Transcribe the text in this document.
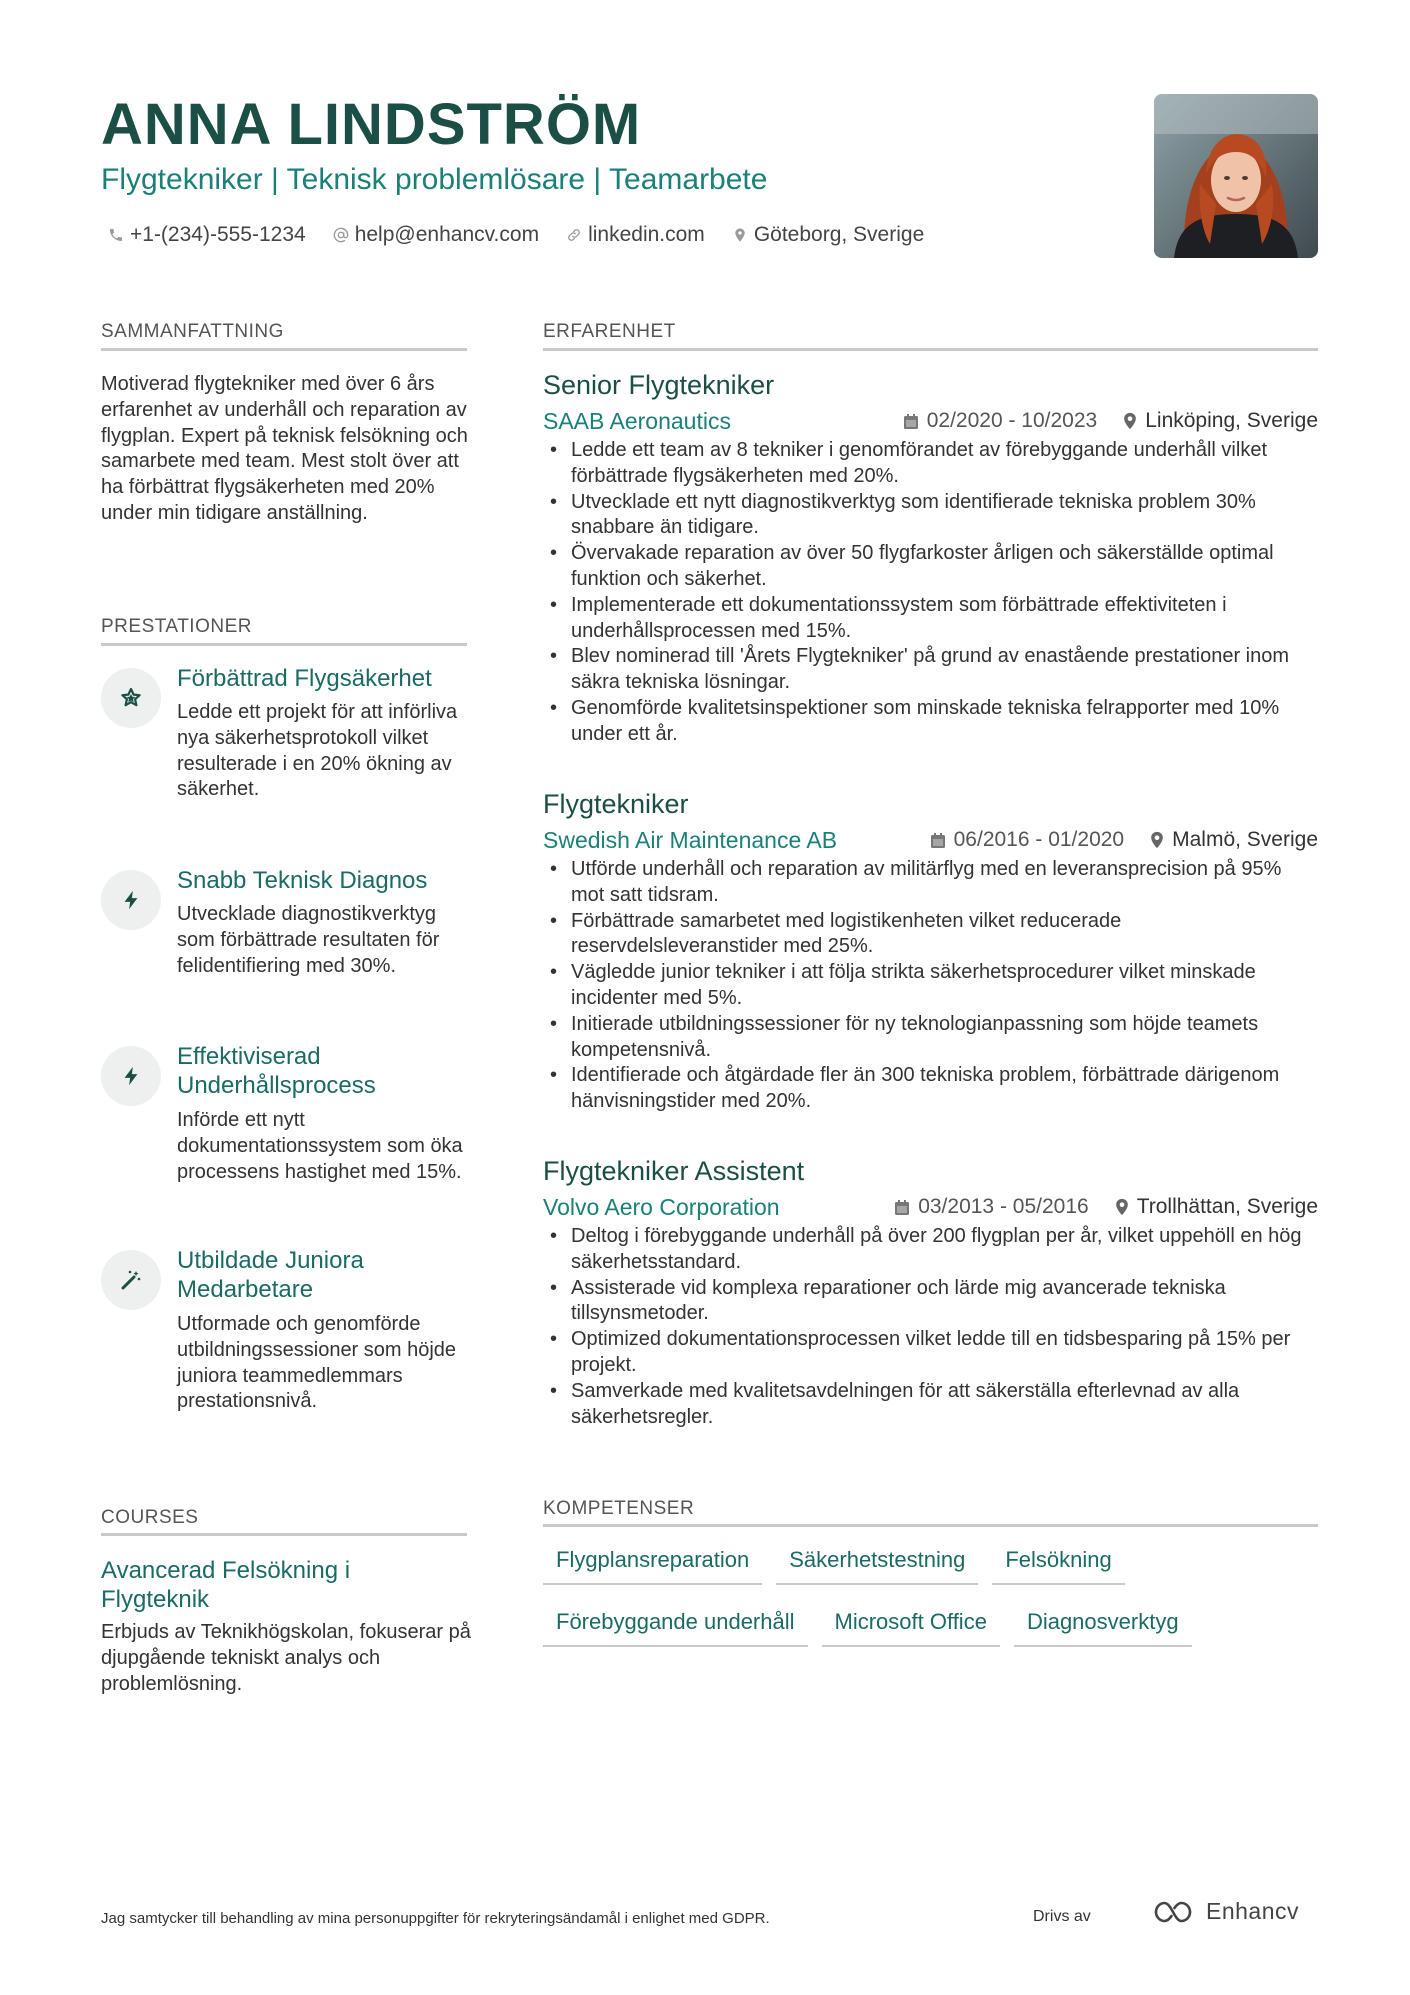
ANNA LINDSTRÖM
Flygtekniker | Teknisk problemlösare | Teamarbete
+1-(234)-555-1234 help@enhancv.com linkedin.com Göteborg, Sverige
SAMMANFATTNING
Motiverad flygtekniker med över 6 års erfarenhet av underhåll och reparation av flygplan. Expert på teknisk felsökning och samarbete med team. Mest stolt över att ha förbättrat flygsäkerheten med 20% under min tidigare anställning.
PRESTATIONER
Förbättrad Flygsäkerhet
Ledde ett projekt för att införliva nya säkerhetsprotokoll vilket resulterade i en 20% ökning av säkerhet.
Snabb Teknisk Diagnos
Utvecklade diagnostikverktyg som förbättrade resultaten för felidentifiering med 30%.
Effektiviserad Underhållsprocess
Införde ett nytt dokumentationssystem som öka processens hastighet med 15%.
Utbildade Juniora Medarbetare
Utformade och genomförde utbildningssessioner som höjde juniora teammedlemmars prestationsnivå.
COURSES
Avancerad Felsökning i Flygteknik
Erbjuds av Teknikhögskolan, fokuserar på djupgående tekniskt analys och problemlösning.
ERFARENHET
Senior Flygtekniker
SAAB Aeronautics	02/2020 - 10/2023 Linköping, Sverige
• Ledde ett team av 8 tekniker i genomförandet av förebyggande underhåll vilket förbättrade flygsäkerheten med 20%.
• Utvecklade ett nytt diagnostikverktyg som identifierade tekniska problem 30% snabbare än tidigare.
• Övervakade reparation av över 50 flygfarkoster årligen och säkerställde optimal funktion och säkerhet.
• Implementerade ett dokumentationssystem som förbättrade effektiviteten i underhållsprocessen med 15%.
• Blev nominerad till 'Årets Flygtekniker' på grund av enastående prestationer inom säkra tekniska lösningar.
• Genomförde kvalitetsinspektioner som minskade tekniska felrapporter med 10% under ett år.
Flygtekniker
Swedish Air Maintenance AB	06/2016 - 01/2020 Malmö, Sverige
• Utförde underhåll och reparation av militärflyg med en leveransprecision på 95% mot satt tidsram.
• Förbättrade samarbetet med logistikenheten vilket reducerade reservdelsleveranstider med 25%.
• Vägledde junior tekniker i att följa strikta säkerhetsprocedurer vilket minskade incidenter med 5%.
• Initierade utbildningssessioner för ny teknologianpassning som höjde teamets kompetensnivå.
• Identifierade och åtgärdade fler än 300 tekniska problem, förbättrade därigenom hänvisningstider med 20%.
Flygtekniker Assistent
Volvo Aero Corporation	03/2013 - 05/2016 Trollhättan, Sverige
• Deltog i förebyggande underhåll på över 200 flygplan per år, vilket uppehöll en hög säkerhetsstandard.
• Assisterade vid komplexa reparationer och lärde mig avancerade tekniska tillsynsmetoder.
• Optimized dokumentationsprocessen vilket ledde till en tidsbesparing på 15% per projekt.
• Samverkade med kvalitetsavdelningen för att säkerställa efterlevnad av alla säkerhetsregler.
KOMPETENSER
Flygplansreparation	Säkerhetstestning	Felsökning
Förebyggande underhåll	Microsoft Office	Diagnosverktyg
Jag samtycker till behandling av mina personuppgifter för rekryteringsändamål i enlighet med GDPR.	Drivs av	Enhancv
